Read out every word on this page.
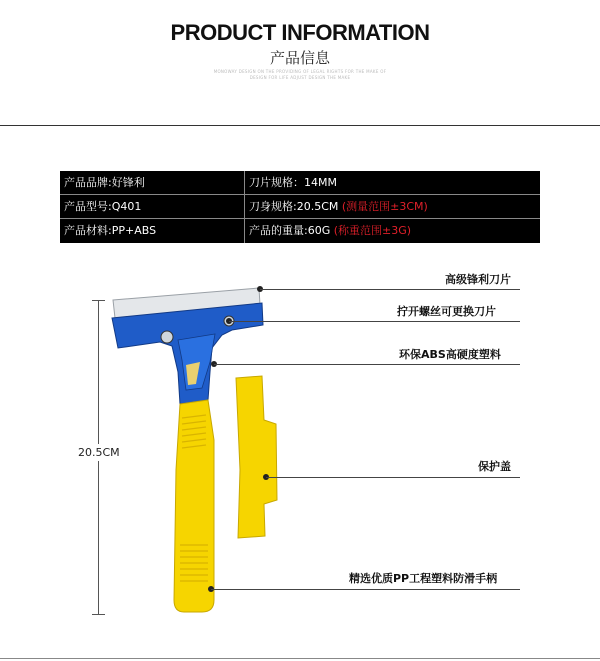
PRODUCT INFORMATION
产品信息
MONOWAY DESIGN ON THE PROVIDING OF LEGAL RIGHTS FOR THE MAKE OF DESIGN FOR LIFE ADJUST DESIGN THE MAKE
产品品牌:好锋利	刀片规格：14MM
产品型号:Q401	刀身规格:20.5CM (测量范围±3CM)
产品材料:PP+ABS	产品的重量:60G (称重范围±3G)
20.5CM
高级锋利刀片
拧开螺丝可更换刀片
环保ABS高硬度塑料
保护盖
精选优质PP工程塑料防滑手柄
